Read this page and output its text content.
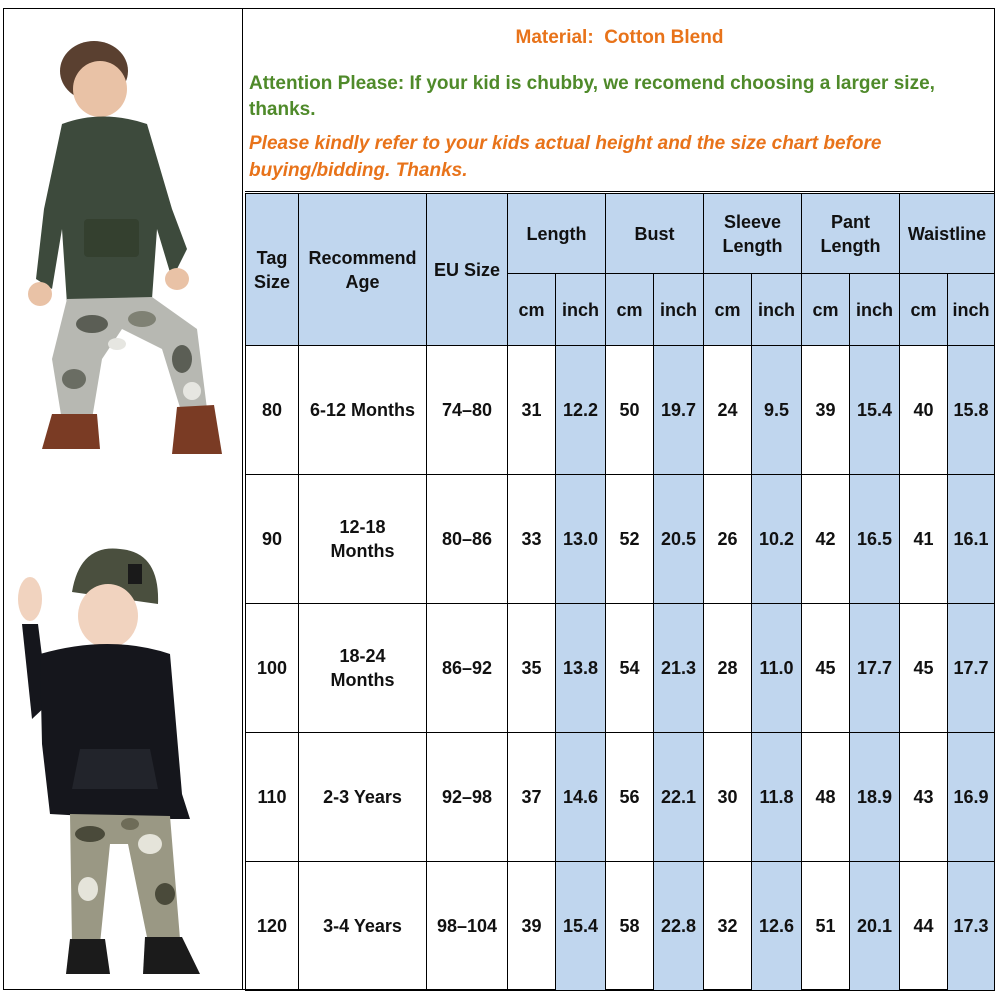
Material:  Cotton Blend
Attention Please: If your kid is chubby, we recomend choosing a larger size, thanks.
Please kindly refer to your kids actual height and the size chart before buying/bidding. Thanks.
Tag Size	Recommend Age	EU Size	Length		Bust		Sleeve Length		Pant Length		Waistline	
			cm	inch	cm	inch	cm	inch	cm	inch	cm	inch
80	6-12 Months	74–80	31	12.2	50	19.7	24	9.5	39	15.4	40	15.8
90	12-18 Months	80–86	33	13.0	52	20.5	26	10.2	42	16.5	41	16.1
100	18-24 Months	86–92	35	13.8	54	21.3	28	11.0	45	17.7	45	17.7
110	2-3 Years	92–98	37	14.6	56	22.1	30	11.8	48	18.9	43	16.9
120	3-4 Years	98–104	39	15.4	58	22.8	32	12.6	51	20.1	44	17.3
